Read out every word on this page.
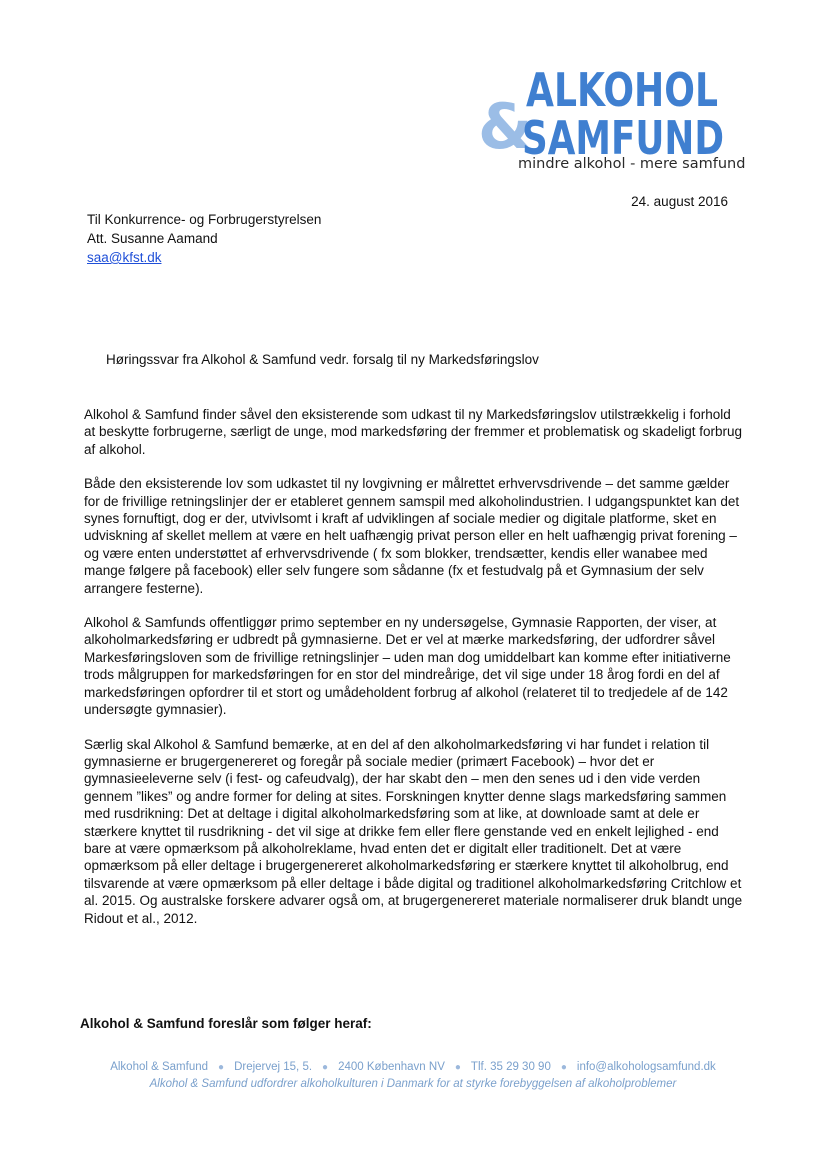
&
ALKOHOL
SAMFUND
mindre alkohol - mere samfund
24. august 2016
Til Konkurrence- og Forbrugerstyrelsen
Att. Susanne Aamand
saa@kfst.dk
Høringssvar fra Alkohol & Samfund vedr. forsalg til ny Markedsføringslov

Alkohol & Samfund finder såvel den eksisterende som udkast til ny Markedsføringslov utilstrækkelig i forhold at beskytte forbrugerne, særligt de unge, mod markedsføring der fremmer et problematisk og skadeligt forbrug af alkohol.

Både den eksisterende lov som udkastet til ny lovgivning er målrettet erhvervsdrivende – det samme gælder for de frivillige retningslinjer der er etableret gennem samspil med alkoholindustrien. I udgangspunktet kan det synes fornuftigt, dog er der, utvivlsomt i kraft af udviklingen af sociale medier og digitale platforme, sket en udviskning af skellet mellem at være en helt uafhængig privat person eller en helt uafhængig privat forening – og være enten understøttet af erhvervsdrivende ( fx som blokker, trendsætter, kendis eller wanabee med mange følgere på facebook) eller selv fungere som sådanne (fx et festudvalg på et Gymnasium der selv arrangere festerne).

Alkohol & Samfunds offentliggør primo september en ny undersøgelse, Gymnasie Rapporten, der viser, at alkoholmarkedsføring er udbredt på gymnasierne. Det er vel at mærke markedsføring, der udfordrer såvel Markesføringsloven som de frivillige retningslinjer – uden man dog umiddelbart kan komme efter initiativerne trods målgruppen for markedsføringen for en stor del mindreårige, det vil sige under 18 årog fordi en del af markedsføringen opfordrer til et stort og umådeholdent forbrug af alkohol (relateret til to tredjedele af de 142 undersøgte gymnasier).

Særlig skal Alkohol & Samfund bemærke, at en del af den alkoholmarkedsføring vi har fundet i relation til gymnasierne er brugergenereret og foregår på sociale medier (primært Facebook) – hvor det er gymnasieeleverne selv (i fest- og cafeudvalg), der har skabt den – men den senes ud i den vide verden gennem ”likes” og andre former for deling at sites. Forskningen knytter denne slags markedsføring sammen med rusdrikning: Det at deltage i digital alkoholmarkedsføring som at like, at downloade samt at dele er stærkere knyttet til rusdrikning - det vil sige at drikke fem eller flere genstande ved en enkelt lejlighed - end bare at være opmærksom på alkoholreklame, hvad enten det er digitalt eller traditionelt. Det at være opmærksom på eller deltage i brugergenereret alkoholmarkedsføring er stærkere knyttet til alkoholbrug, end tilsvarende at være opmærksom på eller deltage i både digital og traditionel alkoholmarkedsføring Critchlow et al. 2015. Og australske forskere advarer også om, at brugergenereret materiale normaliserer druk blandt unge Ridout et al., 2012.

Alkohol & Samfund foreslår som følger heraf:
Alkohol & Samfund ● Drejervej 15, 5. ● 2400 København NV ● Tlf. 35 29 30 90 ● info@alkohologsamfund.dk
Alkohol & Samfund udfordrer alkoholkulturen i Danmark for at styrke forebyggelsen af alkoholproblemer
